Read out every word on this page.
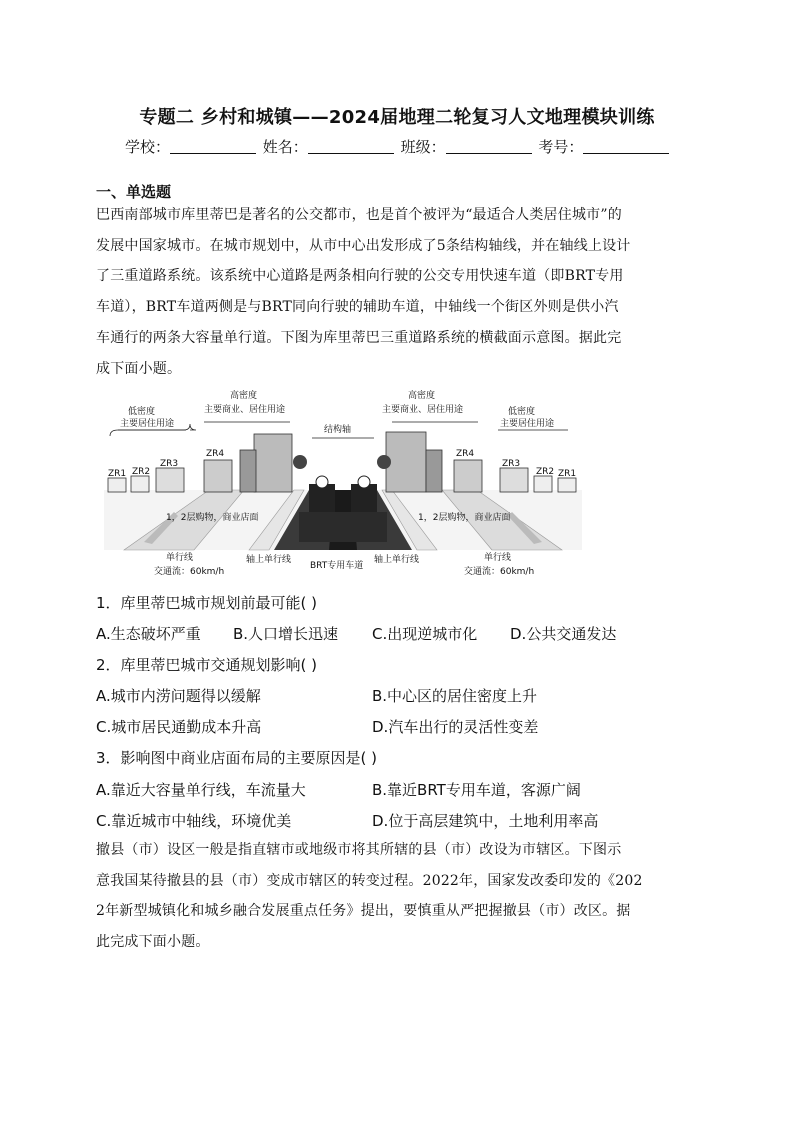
专题二 乡村和城镇——2024届地理二轮复习人文地理模块训练
学校：	姓名：	班级：	考号：
一、单选题
巴西南部城市库里蒂巴是著名的公交都市，也是首个被评为“最适合人类居住城市”的
发展中国家城市。在城市规划中，从市中心出发形成了5条结构轴线，并在轴线上设计
了三重道路系统。该系统中心道路是两条相向行驶的公交专用快速车道（即BRT专用
车道），BRT车道两侧是与BRT同向行驶的辅助车道，中轴线一个街区外则是供小汽
车通行的两条大容量单行道。下图为库里蒂巴三重道路系统的横截面示意图。据此完
成下面小题。
低密度
主要居住用途
高密度
主要商业、居住用途
结构轴
高密度
主要商业、居住用途	低密度
主要居住用途
ZR1 ZR2
ZR3
ZR4	ZR4
ZR3
ZR2 ZR1
1，2层购物，商业店面	1，2层购物，商业店面
单行线
交通流：60km/h
轴上单行线
BRT专用车道
轴上单行线	单行线
交通流：60km/h
1．库里蒂巴城市规划前最可能( )
A.生态破坏严重 B.人口增长迅速 C.出现逆城市化 D.公共交通发达
2．库里蒂巴城市交通规划影响( )
A.城市内涝问题得以缓解	B.中心区的居住密度上升
C.城市居民通勤成本升高	D.汽车出行的灵活性变差
3．影响图中商业店面布局的主要原因是( )
A.靠近大容量单行线，车流量大	B.靠近BRT专用车道，客源广阔
C.靠近城市中轴线，环境优美	D.位于高层建筑中，土地利用率高
撤县（市）设区一般是指直辖市或地级市将其所辖的县（市）改设为市辖区。下图示
意我国某待撤县的县（市）变成市辖区的转变过程。2022年，国家发改委印发的《202
2年新型城镇化和城乡融合发展重点任务》提出，要慎重从严把握撤县（市）改区。据
此完成下面小题。
